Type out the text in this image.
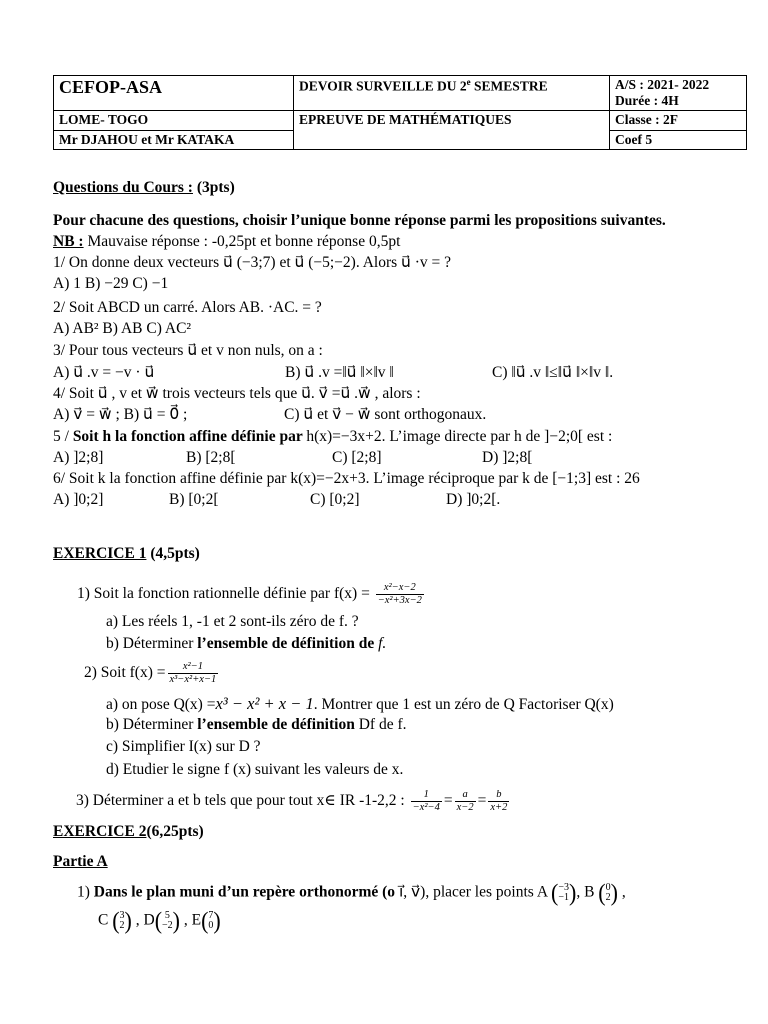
CEFOP-ASA	DEVOIR SURVEILLE DU 2e SEMESTRE	A/S : 2021- 2022
Durée : 4H

LOME- TOGO	EPREUVE DE MATHÉMATIQUES	Classe : 2F
Mr DJAHOU et Mr KATAKA		Coef 5
Questions du Cours : (3pts)
Pour chacune des questions, choisir l’unique bonne réponse parmi les propositions suivantes.
NB : Mauvaise réponse : -0,25pt et bonne réponse 0,5pt
1/ On donne deux vecteurs u⃗ (−3;7) et u⃗ (−5;−2). Alors u⃗ ·v = ?
A) 1 B) −29 C) −1
2/ Soit ABCD un carré. Alors AB. ·AC. = ?
A) AB² B) AB C) AC²
3/ Pour tous vecteurs u⃗ et v non nuls, on a :
A) u⃗ .v = −v · u⃗	B) u⃗ .v =‖u⃗ ‖×‖v ‖	C) ‖u⃗ .v ‖≤‖u⃗ ‖×‖v ‖.
4/ Soit u⃗ , v et w⃗ trois vecteurs tels que u⃗. v⃗ =u⃗ .w⃗ , alors :
A) v⃗ = w⃗ ; B) u⃗ = 0⃗ ;	C) u⃗ et v⃗ − w⃗ sont orthogonaux.
5 / Soit h la fonction affine définie par h(x)=−3x+2. L’image directe par h de ]−2;0[ est :
A) ]2;8]	B) [2;8[	C) [2;8]	D) ]2;8[
6/ Soit k la fonction affine définie par k(x)=−2x+3. L’image réciproque par k de [−1;3] est : 26
A) ]0;2]	B) [0;2[	C) [0;2]	D) ]0;2[.
EXERCICE 1 (4,5pts)
1) Soit la fonction rationnelle définie par $f(x) = \frac{\text{x²−x−2}}{\text{−x²+3x−2}}$
a) Les réels 1, -1 et 2 sont-ils zéro de f. ?
b) Déterminer l’ensemble de définition de f.
2) Soit $f(x) = \frac{\text{x²−1}}{\text{x³−x²+x−1}}$
a) on pose Q(x) =x³ − x² + x − 1. Montrer que 1 est un zéro de Q Factoriser Q(x)
b) Déterminer l’ensemble de définition Df de f.
c) Simplifier I(x) sur D ?
d) Etudier le signe f (x) suivant les valeurs de x.
3) Déterminer a et b tels que pour tout x∈ IR -1-2,2 : $\frac{1}{\text{−x²−4}} = \frac{a}{x-2} = \frac{b}{x+2}$
EXERCICE 2(6,25pts)
Partie A
1) Dans le plan muni d’un repère orthonormé (o i⃗, v⃗), placer les points A (−3
−1), B (0
2) ,
C (3
2) , D( 5
−2) , E(7
0)
